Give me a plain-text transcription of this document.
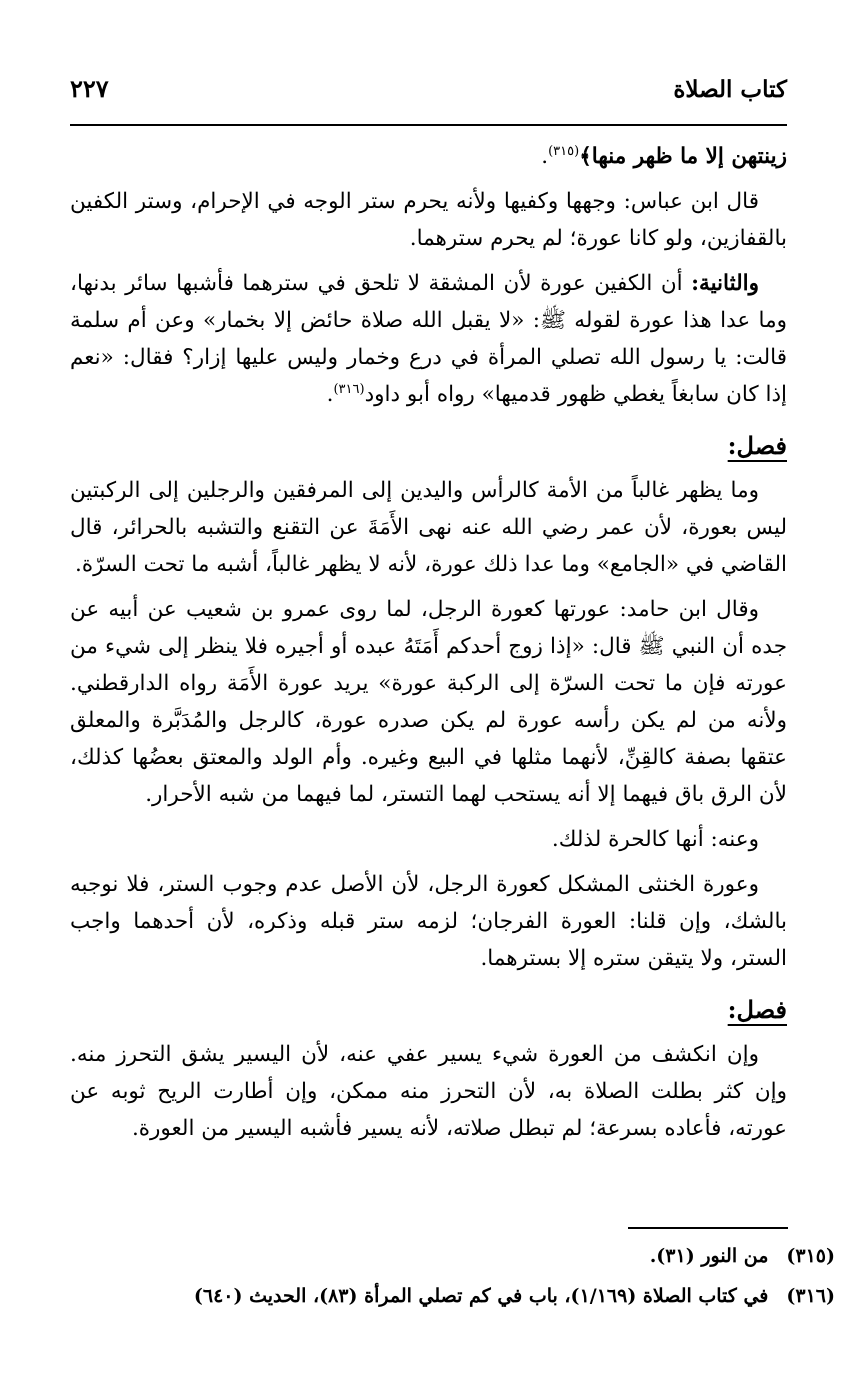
كتاب الصلاة
٢٢٧

زينتهن إلا ما ظهر منها﴾$^{(٣١٥)}$.

قال ابن عباس: وجهها وكفيها ولأنه يحرم ستر الوجه في الإحرام، وستر الكفين بالقفازين، ولو كانا عورة؛ لم يحرم سترهما.

والثانية: أن الكفين عورة لأن المشقة لا تلحق في سترهما فأشبها سائر بدنها، وما عدا هذا عورة لقوله ﷺ: «لا يقبل الله صلاة حائض إلا بخمار» وعن أم سلمة قالت: يا رسول الله تصلي المرأة في درع وخمار وليس عليها إزار؟ فقال: «نعم إذا كان سابغاً يغطي ظهور قدميها» رواه أبو داود$^{(٣١٦)}$.

فصل:

وما يظهر غالباً من الأمة كالرأس واليدين إلى المرفقين والرجلين إلى الركبتين ليس بعورة، لأن عمر رضي الله عنه نهى الأَمَةَ عن التقنع والتشبه بالحرائر، قال القاضي في «الجامع» وما عدا ذلك عورة، لأنه لا يظهر غالباً، أشبه ما تحت السرّة.

وقال ابن حامد: عورتها كعورة الرجل، لما روى عمرو بن شعيب عن أبيه عن جده أن النبي ﷺ قال: «إذا زوج أحدكم أَمَتَهُ عبده أو أجيره فلا ينظر إلى شيء من عورته فإن ما تحت السرّة إلى الركبة عورة» يريد عورة الأَمَة رواه الدارقطني. ولأنه من لم يكن رأسه عورة لم يكن صدره عورة، كالرجل والمُدَبَّرة والمعلق عتقها بصفة كالقِنِّ، لأنهما مثلها في البيع وغيره. وأم الولد والمعتق بعضُها كذلك، لأن الرق باق فيهما إلا أنه يستحب لهما التستر، لما فيهما من شبه الأحرار.

وعنه: أنها كالحرة لذلك.

وعورة الخنثى المشكل كعورة الرجل، لأن الأصل عدم وجوب الستر، فلا نوجبه بالشك، وإن قلنا: العورة الفرجان؛ لزمه ستر قبله وذكره، لأن أحدهما واجب الستر، ولا يتيقن ستره إلا بسترهما.

فصل:

وإن انكشف من العورة شيء يسير عفي عنه، لأن اليسير يشق التحرز منه. وإن كثر بطلت الصلاة به، لأن التحرز منه ممكن، وإن أطارت الريح ثوبه عن عورته، فأعاده بسرعة؛ لم تبطل صلاته، لأنه يسير فأشبه اليسير من العورة.

(٣١٥)من النور (٣١).
(٣١٦)في كتاب الصلاة (١/١٦٩)، باب في كم تصلي المرأة (٨٣)، الحديث (٦٤٠)
